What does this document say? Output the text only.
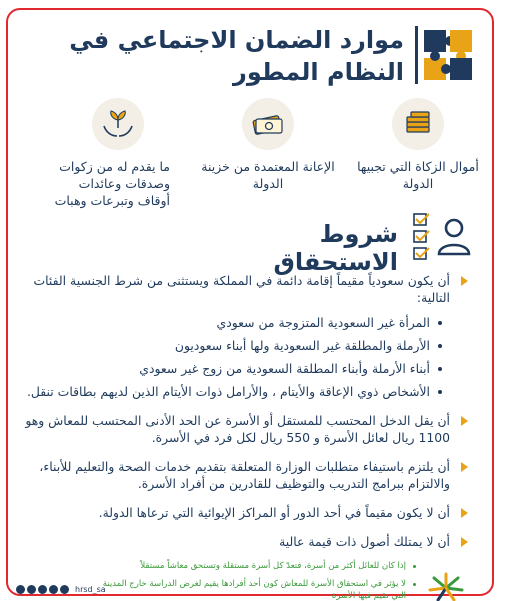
موارد الضمان الاجتماعي في النظام المطور
أموال الزكاة التي تجبيها الدولة
الإعانة المعتمدة من خزينة الدولة
ما يقدم له من زكوات وصدقات وعائدات أوقاف وتبرعات وهبات
شروط الاستحقاق
أن يكون سعودياً مقيماً إقامة دائمة في المملكة ويستثنى من شرط الجنسية الفئات التالية:
المرأة غير السعودية المتزوجة من سعودي
الأرملة والمطلقة غير السعودية ولها أبناء سعوديون
أبناء الأرملة وأبناء المطلقة السعودية من زوج غير سعودي
الأشخاص ذوي الإعاقة والأيتام ، والأرامل ذوات الأيتام الذين لديهم بطاقات تنقل.
أن يقل الدخل المحتسب للمستقل أو الأسرة عن الحد الأدنى المحتسب للمعاش وهو 1100 ريال لعائل الأسرة و 550 ريال لكل فرد في الأسرة.
أن يلتزم باستيفاء متطلبات الوزارة المتعلقة بتقديم خدمات الصحة والتعليم للأبناء، والالتزام ببرامج التدريب والتوظيف للقادرين من أفراد الأسرة.
أن لا يكون مقيماً في أحد الدور أو المراكز الإيوائية التي ترعاها الدولة.
أن لا يمتلك أصول ذات قيمة عالية
إذا كان للعائل أكثر من أسرة، فتعدّ كل أسرة مستقلة وتستحق معاشاً مستقلاً
لا يؤثر في استحقاق الأسرة للمعاش كون أحد أفرادها يقيم لغرض الدراسة خارج المدينة التي تقيم فيها الأسرة
hrsd_sa
